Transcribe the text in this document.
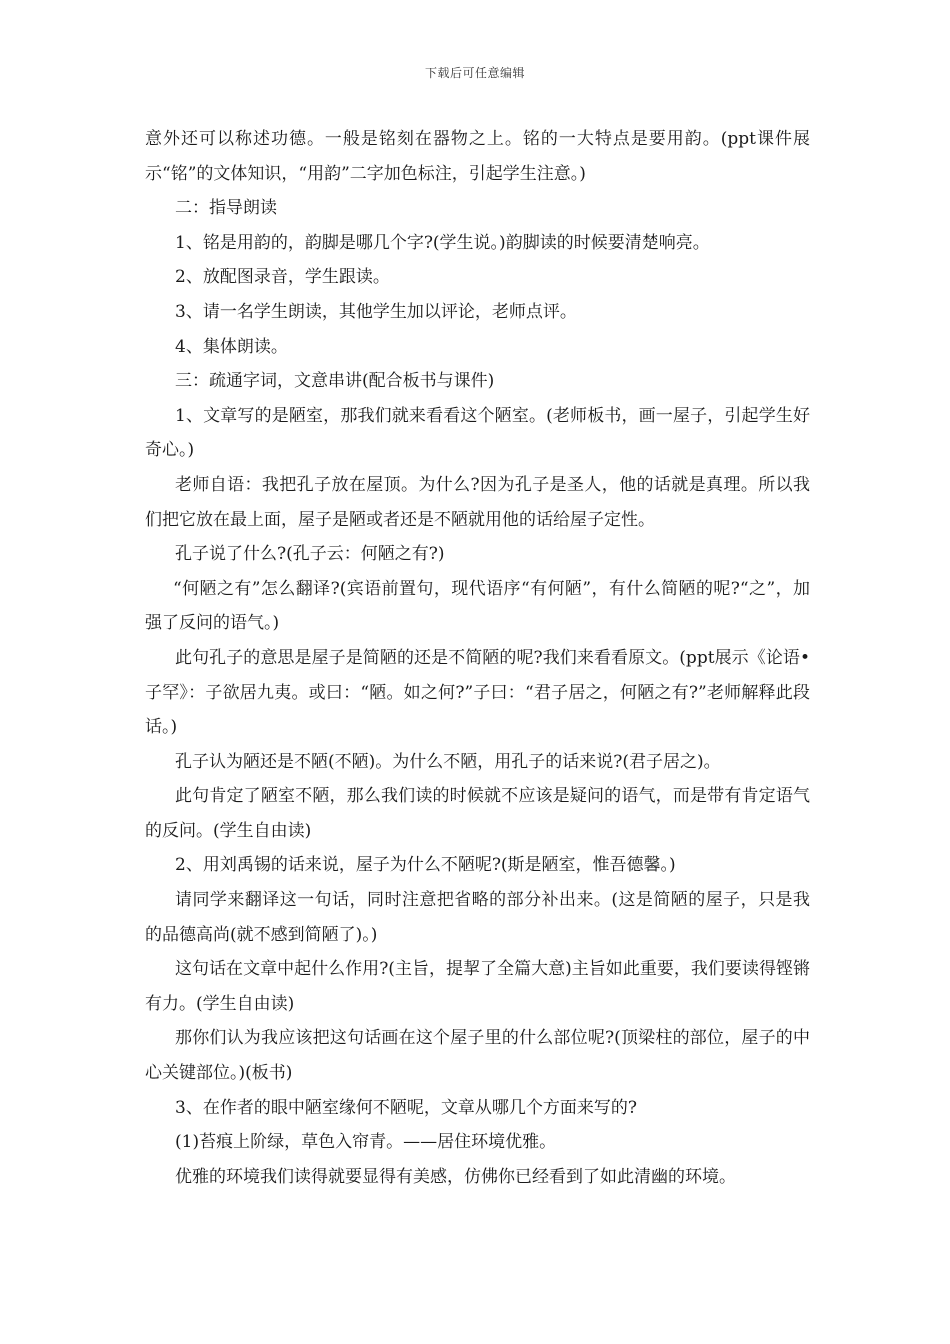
下载后可任意编辑

意外还可以称述功德。一般是铭刻在器物之上。铭的一大特点是要用韵。(ppt课件展示“铭”的文体知识，“用韵”二字加色标注，引起学生注意。)

二：指导朗读

1、铭是用韵的，韵脚是哪几个字?(学生说。)韵脚读的时候要清楚响亮。

2、放配图录音，学生跟读。

3、请一名学生朗读，其他学生加以评论，老师点评。

4、集体朗读。

三：疏通字词，文意串讲(配合板书与课件)

1、文章写的是陋室，那我们就来看看这个陋室。(老师板书，画一屋子，引起学生好奇心。)

老师自语：我把孔子放在屋顶。为什么?因为孔子是圣人，他的话就是真理。所以我们把它放在最上面，屋子是陋或者还是不陋就用他的话给屋子定性。

孔子说了什么?(孔子云：何陋之有?)

“何陋之有”怎么翻译?(宾语前置句，现代语序“有何陋”，有什么简陋的呢?“之”，加强了反问的语气。)

此句孔子的意思是屋子是简陋的还是不简陋的呢?我们来看看原文。(ppt展示《论语•子罕》：子欲居九夷。或曰：“陋。如之何?”子曰：“君子居之，何陋之有?”老师解释此段话。)

孔子认为陋还是不陋(不陋)。为什么不陋，用孔子的话来说?(君子居之)。

此句肯定了陋室不陋，那么我们读的时候就不应该是疑问的语气，而是带有肯定语气的反问。(学生自由读)

2、用刘禹锡的话来说，屋子为什么不陋呢?(斯是陋室，惟吾德馨。)

请同学来翻译这一句话，同时注意把省略的部分补出来。(这是简陋的屋子，只是我的品德高尚(就不感到简陋了)。)

这句话在文章中起什么作用?(主旨，提挈了全篇大意)主旨如此重要，我们要读得铿锵有力。(学生自由读)

那你们认为我应该把这句话画在这个屋子里的什么部位呢?(顶梁柱的部位，屋子的中心关键部位。)(板书)

3、在作者的眼中陋室缘何不陋呢，文章从哪几个方面来写的?

(1)苔痕上阶绿，草色入帘青。——居住环境优雅。

优雅的环境我们读得就要显得有美感，仿佛你已经看到了如此清幽的环境。
